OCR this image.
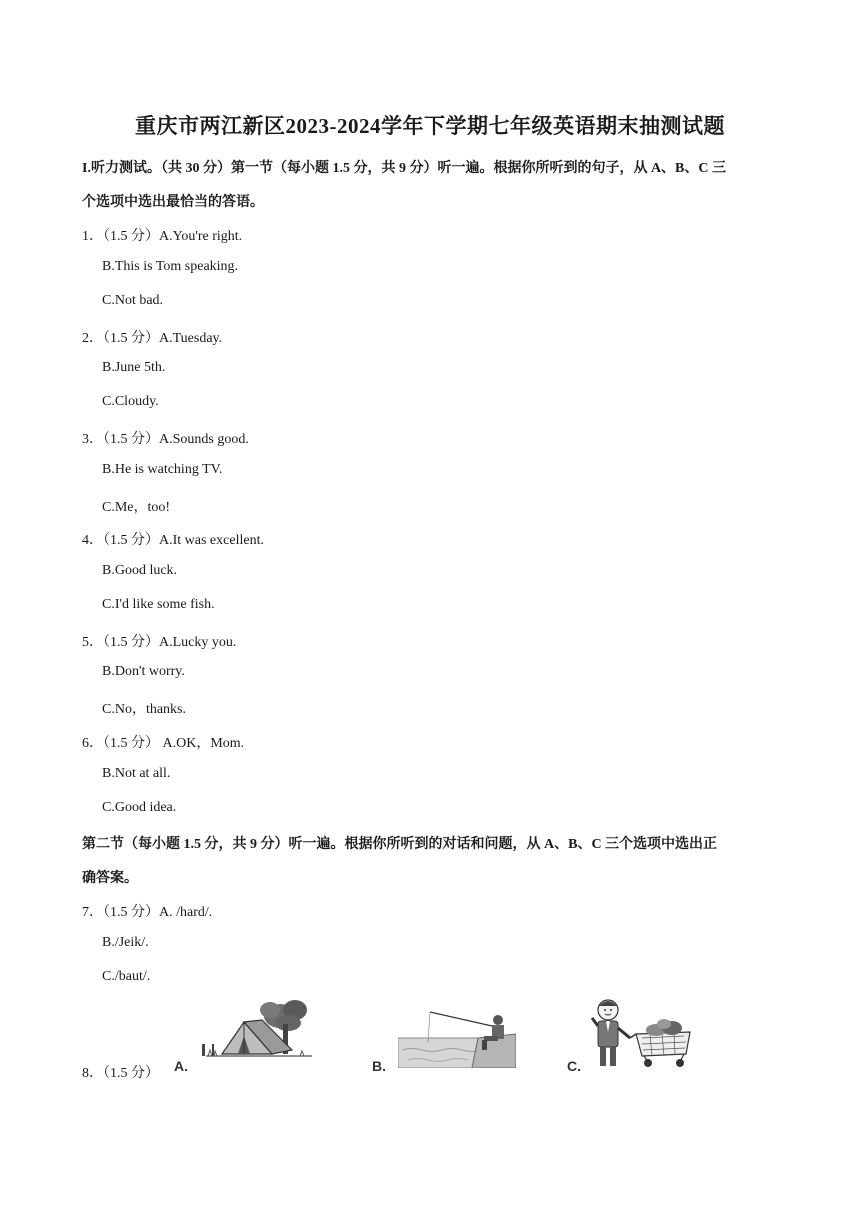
重庆市两江新区2023-2024学年下学期七年级英语期末抽测试题
I.听力测试。（共 30 分）第一节（每小题 1.5 分，共 9 分）听一遍。根据你所听到的句子，从 A、B、C 三
个选项中选出最恰当的答语。
1．（1.5 分）A.You're right.
B.This is Tom speaking.
C.Not bad.
2．（1.5 分）A.Tuesday.
B.June 5th.
C.Cloudy.
3．（1.5 分）A.Sounds good.
B.He is watching TV.
C.Me，too!
4．（1.5 分）A.It was excellent.
B.Good luck.
C.I'd like some fish.
5．（1.5 分）A.Lucky you.
B.Don't worry.
C.No，thanks.
6．（1.5 分） A.OK，Mom.
B.Not at all.
C.Good idea.
第二节（每小题 1.5 分，共 9 分）听一遍。根据你所听到的对话和问题，从 A、B、C 三个选项中选出正
确答案。
7．（1.5 分）A. /hard/.
B./Jeik/.
C./baut/.
8．（1.5 分） A.	B.	C.
